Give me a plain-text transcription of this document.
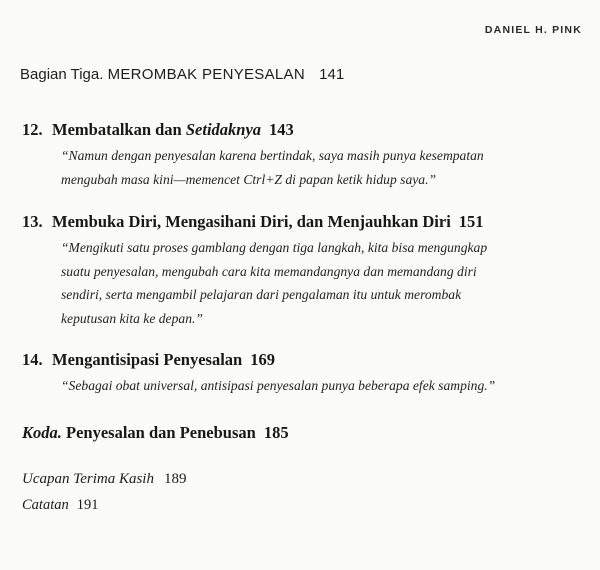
DANIEL H. PINK
Bagian Tiga. MEROMBAK PENYESALAN 141
12. Membatalkan dan Setidaknya 143
“Namun dengan penyesalan karena bertindak, saya masih punya kesempatan
mengubah masa kini—memencet Ctrl+Z di papan ketik hidup saya.”
13. Membuka Diri, Mengasihani Diri, dan Menjauhkan Diri 151
“Mengikuti satu proses gamblang dengan tiga langkah, kita bisa mengungkap
suatu penyesalan, mengubah cara kita memandangnya dan memandang diri
sendiri, serta mengambil pelajaran dari pengalaman itu untuk merombak
keputusan kita ke depan.”
14. Mengantisipasi Penyesalan 169
“Sebagai obat universal, antisipasi penyesalan punya beberapa efek samping.”
Koda. Penyesalan dan Penebusan 185
Ucapan Terima Kasih 189
Catatan 191
